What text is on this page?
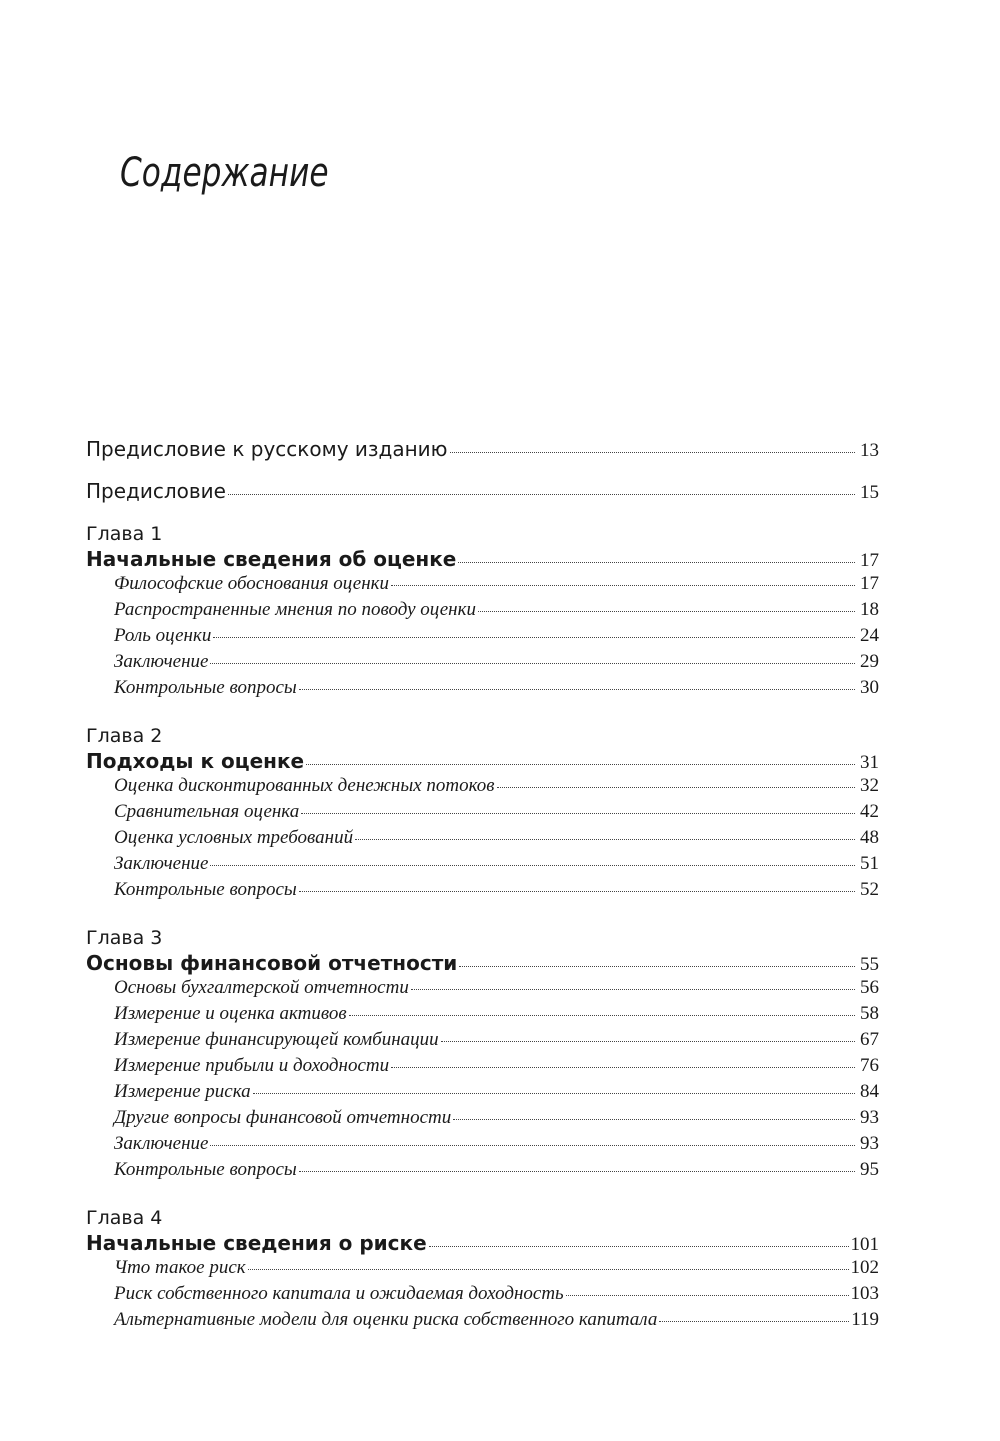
Содержание
Предисловие к русскому изданию	13
Предисловие	15
Глава 1
Начальные сведения об оценке	17
Философские обоснования оценки	17
Распространенные мнения по поводу оценки	18
Роль оценки	24
Заключение	29
Контрольные вопросы	30
Глава 2
Подходы к оценке	31
Оценка дисконтированных денежных потоков	32
Сравнительная оценка	42
Оценка условных требований	48
Заключение	51
Контрольные вопросы	52
Глава 3
Основы финансовой отчетности	55
Основы бухгалтерской отчетности	56
Измерение и оценка активов	58
Измерение финансирующей комбинации	67
Измерение прибыли и доходности	76
Измерение риска	84
Другие вопросы финансовой отчетности	93
Заключение	93
Контрольные вопросы	95
Глава 4
Начальные сведения о риске	101
Что такое риск	102
Риск собственного капитала и ожидаемая доходность	103
Альтернативные модели для оценки риска собственного капитала	119
